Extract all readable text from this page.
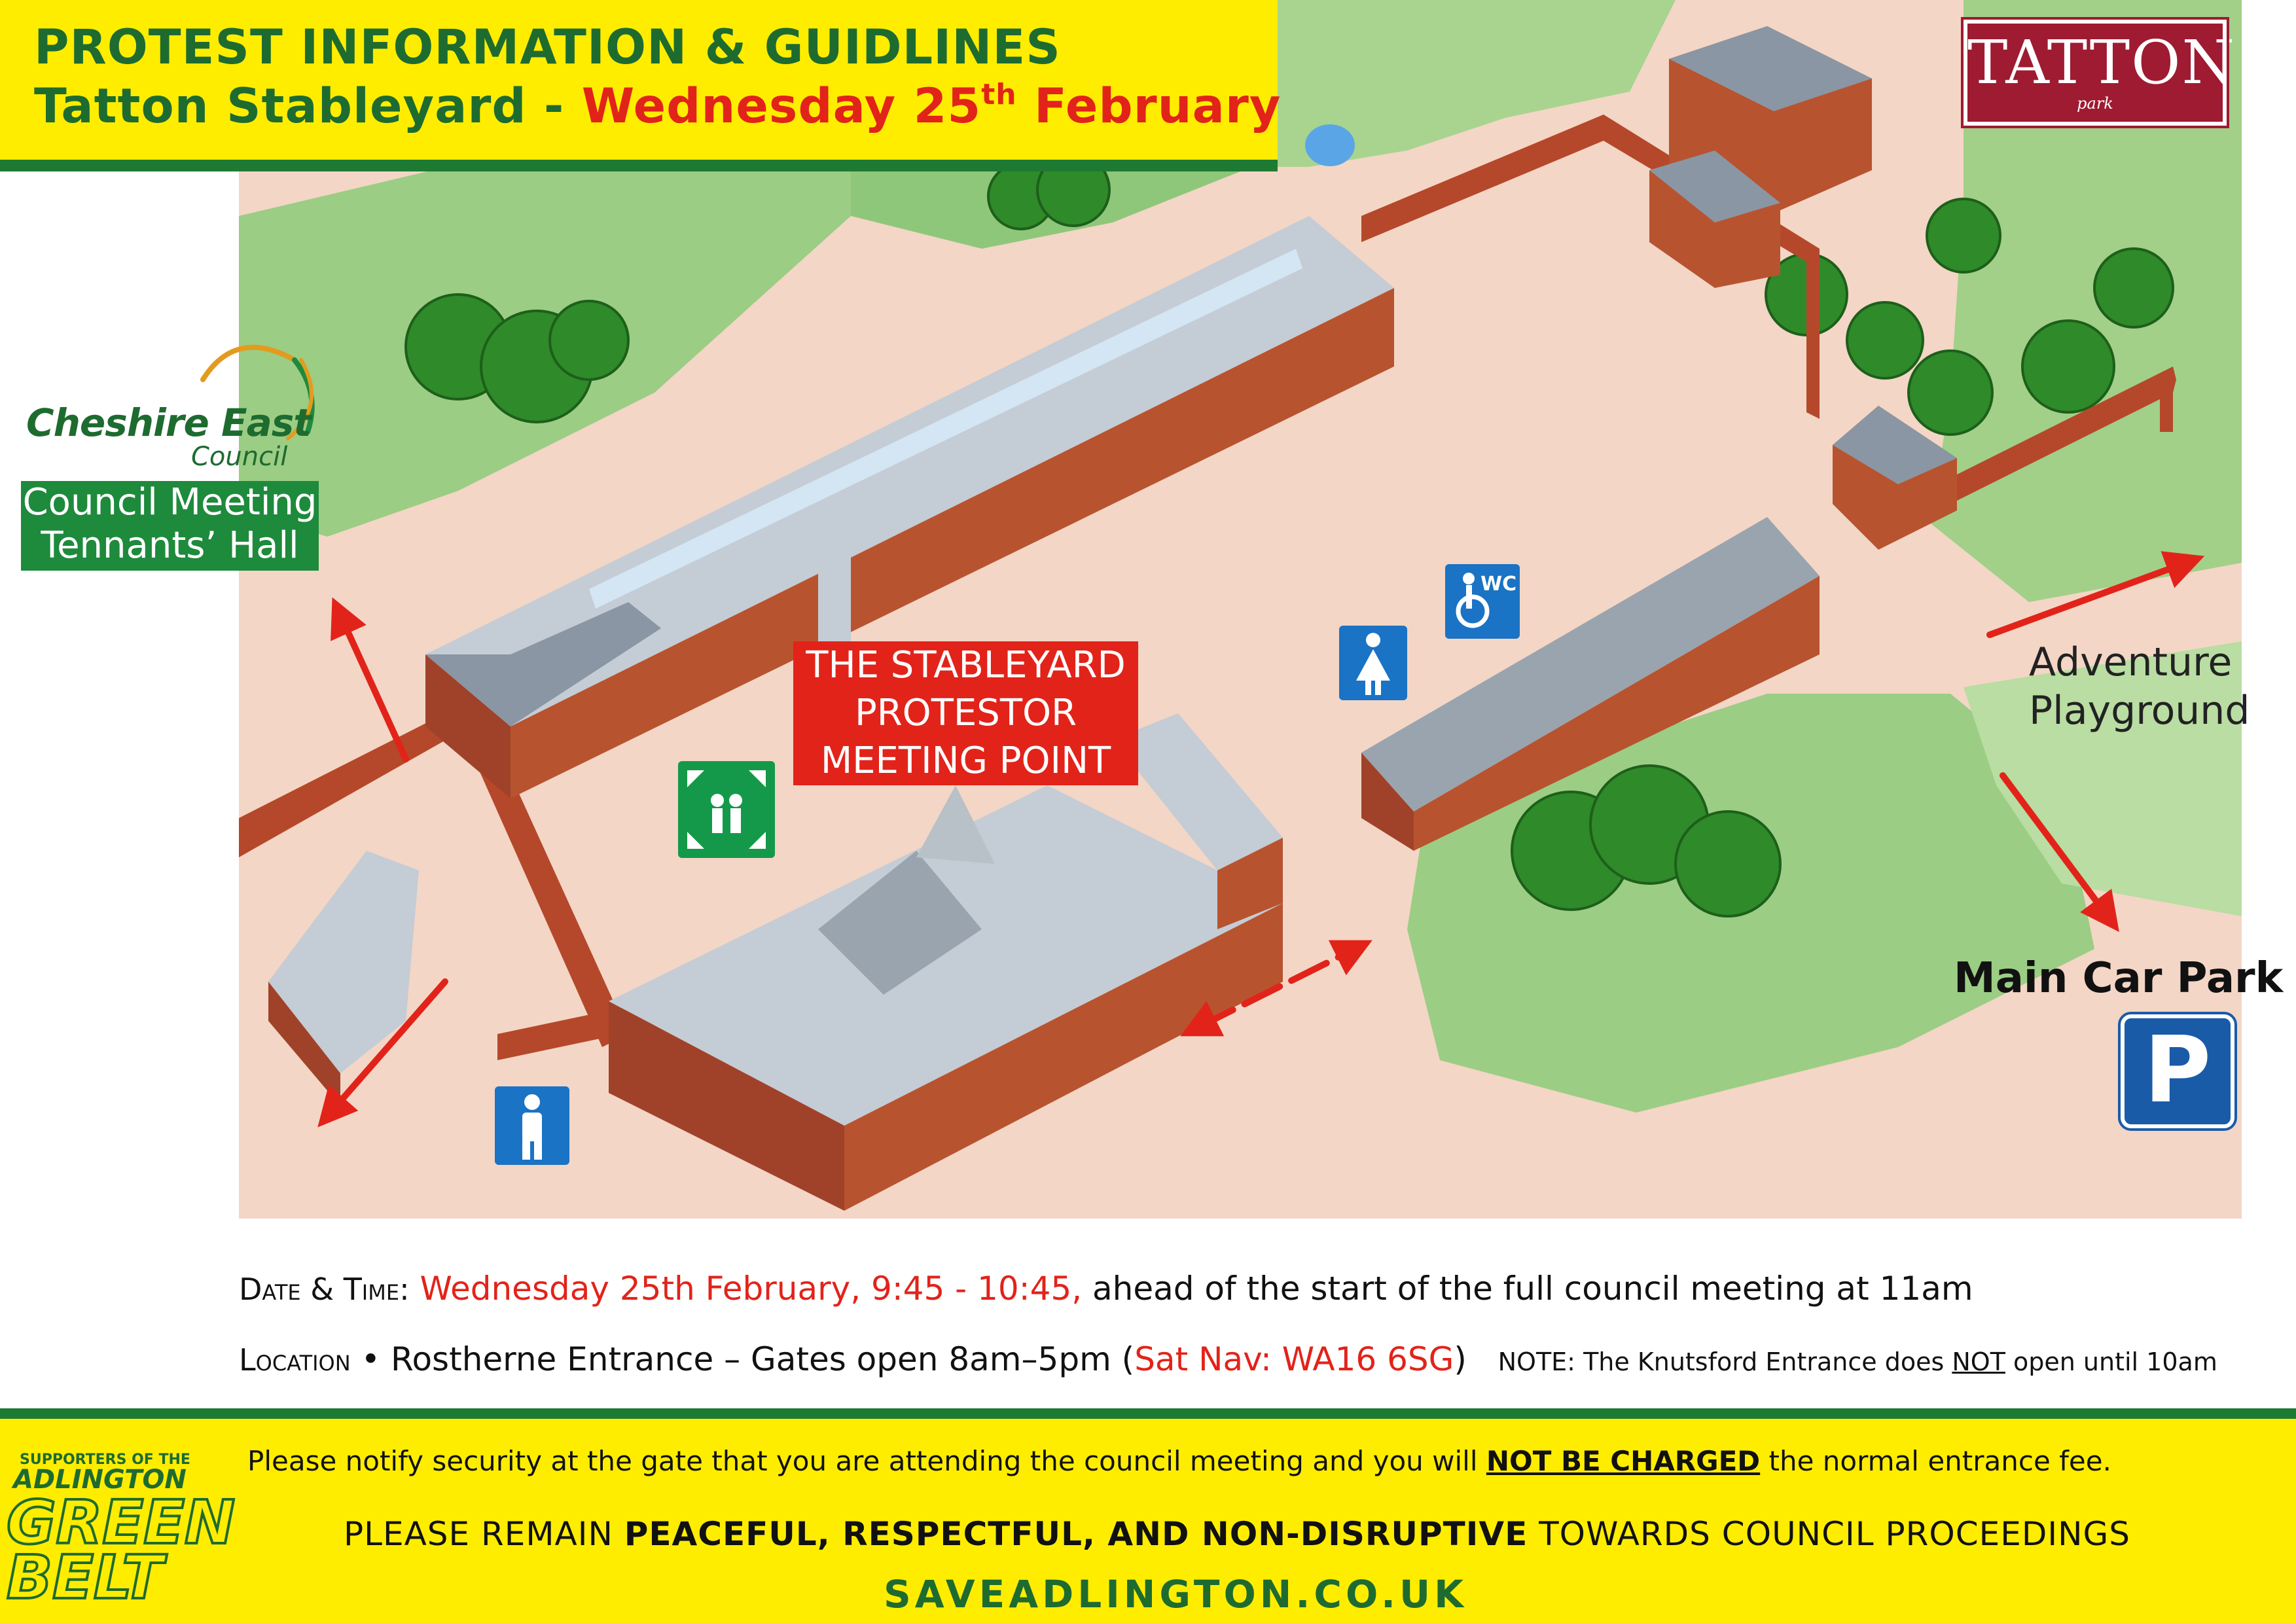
WC
PROTEST INFORMATION & GUIDLINES
Tatton Stableyard - Wednesday 25th February
TATTON
park
Cheshire East
Council
Council Meeting
Tennants’ Hall
THE STABLEYARD
PROTESTOR
MEETING POINT
Adventure
Playground
Main Car Park
P
Date & Time: Wednesday 25th February, 9:45 - 10:45, ahead of the start of the full council meeting at 11am
Location • Rostherne Entrance – Gates open 8am–5pm (Sat Nav: WA16 6SG) NOTE: The Knutsford Entrance does NOT open until 10am
SUPPORTERS OF THE
ADLINGTON
GREEN
BELT
Please notify security at the gate that you are attending the council meeting and you will NOT BE CHARGED the normal entrance fee.
PLEASE REMAIN PEACEFUL, RESPECTFUL, AND NON-DISRUPTIVE TOWARDS COUNCIL PROCEEDINGS
SAVEADLINGTON.CO.UK
